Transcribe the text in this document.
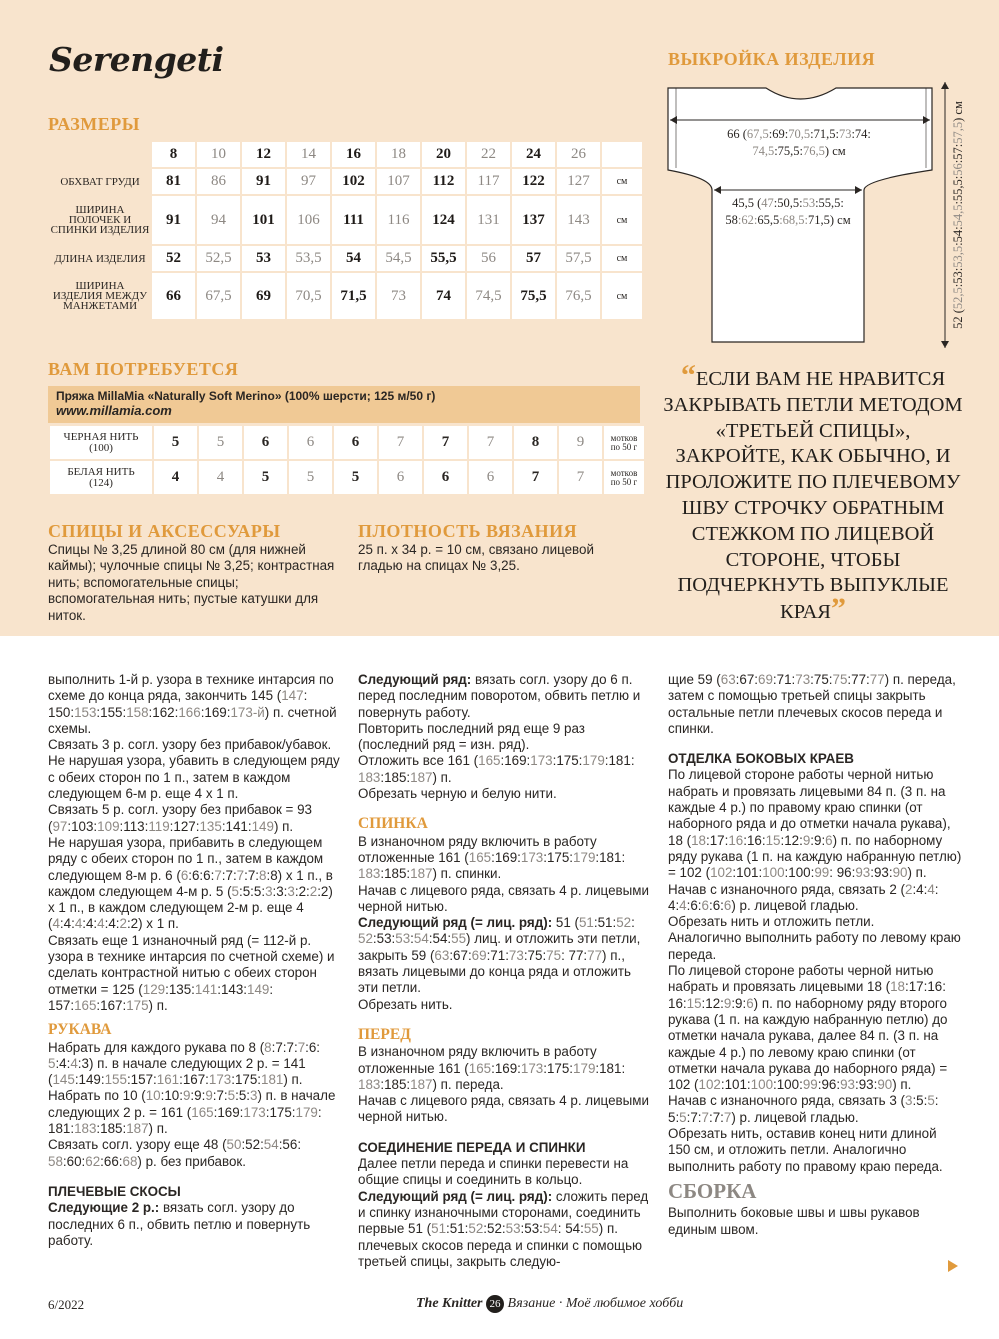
Serengeti
РАЗМЕРЫ
	8	10	12	14	16	18	20	22	24	26	
ОБХВАТ ГРУДИ	81	86	91	97	102	107	112	117	122	127	см
ШИРИНА ПОЛОЧЕК И СПИНКИ ИЗДЕЛИЯ	91	94	101	106	111	116	124	131	137	143	см
ДЛИНА ИЗДЕЛИЯ	52	52,5	53	53,5	54	54,5	55,5	56	57	57,5	см
ШИРИНА ИЗДЕЛИЯ МЕЖДУ МАНЖЕТАМИ	66	67,5	69	70,5	71,5	73	74	74,5	75,5	76,5	см
ВАМ ПОТРЕБУЕТСЯ
Пряжа MillaMia «Naturally Soft Merino» (100% шерсти; 125 м/50 г)
www.millamia.com
ЧЕРНАЯ НИТЬ
(100)	5	5	6	6	6	7	7	7	8	9	мотков
по 50 г
БЕЛАЯ НИТЬ
(124)	4	4	5	5	5	6	6	6	7	7	мотков
по 50 г
СПИЦЫ И АКСЕССУАРЫ
Спицы № 3,25 длиной 80 см (для нижней каймы); чулочные спицы № 3,25; контрастная нить; вспомогательные спицы; вспомогательная нить; пустые катушки для ниток.
ПЛОТНОСТЬ ВЯЗАНИЯ
25 п. х 34 р. = 10 см, связано лицевой гладью на спицах № 3,25.
ВЫКРОЙКА ИЗДЕЛИЯ
66 (67,5:69:70,5:71,5:73:74:
74,5:75,5:76,5) см
45,5 (47:50,5:53:55,5:
58:62:65,5:68,5:71,5) см
52 (52,5:53:53,5:54:54,5:55,5:56:57:57,5) см
“ЕСЛИ ВАМ НЕ НРАВИТСЯ ЗАКРЫВАТЬ ПЕТЛИ МЕТОДОМ «ТРЕТЬЕЙ СПИЦЫ», ЗАКРОЙТЕ, КАК ОБЫЧНО, И ПРОЛОЖИТЕ ПО ПЛЕЧЕВОМУ ШВУ СТРОЧКУ ОБРАТНЫМ СТЕЖКОМ ПО ЛИЦЕВОЙ СТОРОНЕ, ЧТОБЫ ПОДЧЕРКНУТЬ ВЫПУКЛЫЕ КРАЯ”

выполнить 1-й р. узора в технике интарсия по схеме до конца ряда, закончить 145 (147: 150:153:155:158:162:166:169:173-й) п. счетной схемы.

Связать 3 р. согл. узору без прибавок/убавок.

Не нарушая узора, убавить в следующем ряду с обеих сторон по 1 п., затем в каждом следующем 6-м р. еще 4 х 1 п.

Связать 5 р. согл. узору без прибавок = 93 (97:103:109:113:119:127:135:141:149) п.

Не нарушая узора, прибавить в следующем ряду с обеих сторон по 1 п., затем в каждом следующем 8-м р. 6 (6:6:6:7:7:7:7:8:8) х 1 п., в каждом следующем 4-м р. 5 (5:5:5:3:3:3:2:2:2) х 1 п., в каждом следующем 2-м р. еще 4 (4:4:4:4:4:4:2:2) х 1 п.

Связать еще 1 изнаночный ряд (= 112-й р. узора в технике интарсия по счетной схеме) и сделать контрастной нитью с обеих сторон отметки = 125 (129:135:141:143:149: 157:165:167:175) п.

РУКАВА

Набрать для каждого рукава по 8 (8:7:7:7:6: 5:4:4:3) п. в начале следующих 2 р. = 141 (145:149:155:157:161:167:173:175:181) п.

Набрать по 10 (10:10:9:9:9:7:5:5:3) п. в начале следующих 2 р. = 161 (165:169:173:175:179: 181:183:185:187) п.

Связать согл. узору еще 48 (50:52:54:56: 58:60:62:66:68) р. без прибавок.

ПЛЕЧЕВЫЕ СКОСЫ

Следующие 2 р.: вязать согл. узору до последних 6 п., обвить петлю и повернуть работу.

Следующий ряд: вязать согл. узору до 6 п. перед последним поворотом, обвить петлю и повернуть работу.

Повторить последний ряд еще 9 раз (последний ряд = изн. ряд).

Отложить все 161 (165:169:173:175:179:181: 183:185:187) п.

Обрезать черную и белую нити.

СПИНКА

В изнаночном ряду включить в работу отложенные 161 (165:169:173:175:179:181: 183:185:187) п. спинки.

Начав с лицевого ряда, связать 4 р. лицевыми черной нитью.

Следующий ряд (= лиц. ряд): 51 (51:51:52: 52:53:53:54:54:55) лиц. и отложить эти петли, закрыть 59 (63:67:69:71:73:75:75: 77:77) п., вязать лицевыми до конца ряда и отложить эти петли.

Обрезать нить.

ПЕРЕД

В изнаночном ряду включить в работу отложенные 161 (165:169:173:175:179:181: 183:185:187) п. переда.

Начав с лицевого ряда, связать 4 р. лицевыми черной нитью.

СОЕДИНЕНИЕ ПЕРЕДА И СПИНКИ

Далее петли переда и спинки перевести на общие спицы и соединить в кольцо.

Следующий ряд (= лиц. ряд): сложить перед и спинку изнаночными сторонами, соединить первые 51 (51:51:52:52:53:53:54: 54:55) п. плечевых скосов переда и спинки с помощью третьей спицы, закрыть следую-

щие 59 (63:67:69:71:73:75:75:77:77) п. переда, затем с помощью третьей спицы закрыть остальные петли плечевых скосов переда и спинки.

ОТДЕЛКА БОКОВЫХ КРАЕВ

По лицевой стороне работы черной нитью набрать и провязать лицевыми 84 п. (3 п. на каждые 4 р.) по правому краю спинки (от наборного ряда и до отметки начала рукава), 18 (18:17:16:16:15:12:9:9:6) п. по наборному ряду рукава (1 п. на каждую набранную петлю) = 102 (102:101:100:100:99: 96:93:93:90) п.

Начав с изнаночного ряда, связать 2 (2:4:4: 4:4:6:6:6:6) р. лицевой гладью.

Обрезать нить и отложить петли.

Аналогично выполнить работу по левому краю переда.

По лицевой стороне работы черной нитью набрать и провязать лицевыми 18 (18:17:16: 16:15:12:9:9:6) п. по наборному ряду второго рукава (1 п. на каждую набранную петлю) до отметки начала рукава, далее 84 п. (3 п. на каждые 4 р.) по левому краю спинки (от отметки начала рукава до наборного ряда) = 102 (102:101:100:100:99:96:93:93:90) п.

Начав с изнаночного ряда, связать 3 (3:5:5: 5:5:7:7:7:7) р. лицевой гладью.

Обрезать нить, оставив конец нити длиной 150 см, и отложить петли. Аналогично выполнить работу по правому краю переда.

СБОРКА

Выполнить боковые швы и швы рукавов единым швом.

6/2022	The Knitter 26 Вязание · Моё любимое хобби
